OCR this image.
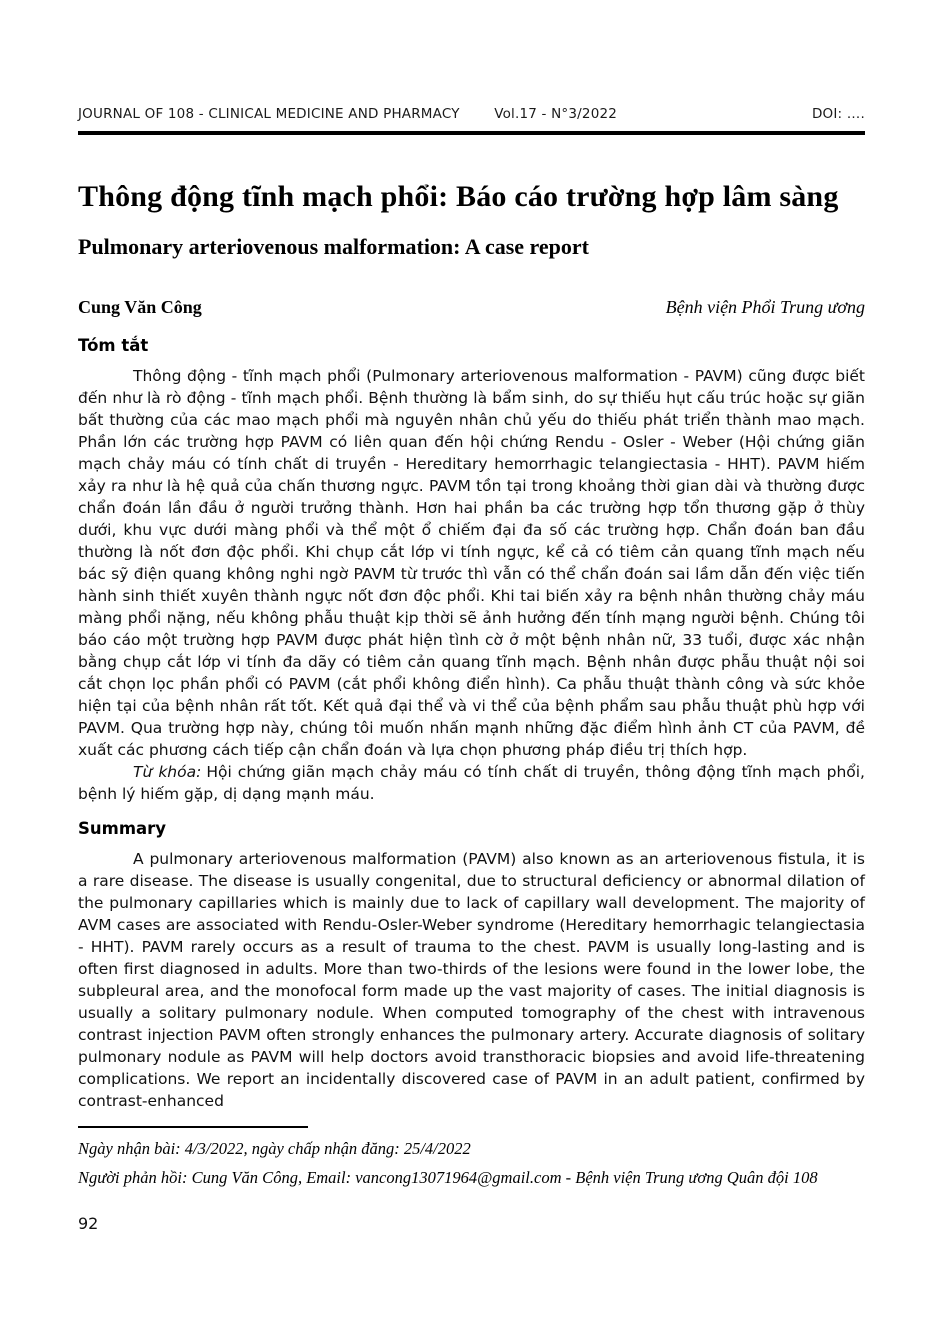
JOURNAL OF 108 - CLINICAL MEDICINE AND PHARMACY	Vol.17 - N°3/2022	DOI: ….
Thông động tĩnh mạch phổi: Báo cáo trường hợp lâm sàng
Pulmonary arteriovenous malformation: A case report
Cung Văn Công	Bệnh viện Phổi Trung ương
Tóm tắt

Thông động - tĩnh mạch phổi (Pulmonary arteriovenous malformation - PAVM) cũng được biết đến như là rò động - tĩnh mạch phổi. Bệnh thường là bẩm sinh, do sự thiếu hụt cấu trúc hoặc sự giãn bất thường của các mao mạch phổi mà nguyên nhân chủ yếu do thiếu phát triển thành mao mạch. Phần lớn các trường hợp PAVM có liên quan đến hội chứng Rendu - Osler - Weber (Hội chứng giãn mạch chảy máu có tính chất di truyền - Hereditary hemorrhagic telangiectasia - HHT). PAVM hiếm xảy ra như là hệ quả của chấn thương ngực. PAVM tồn tại trong khoảng thời gian dài và thường được chẩn đoán lần đầu ở người trưởng thành. Hơn hai phần ba các trường hợp tổn thương gặp ở thùy dưới, khu vực dưới màng phổi và thể một ổ chiếm đại đa số các trường hợp. Chẩn đoán ban đầu thường là nốt đơn độc phổi. Khi chụp cắt lớp vi tính ngực, kể cả có tiêm cản quang tĩnh mạch nếu bác sỹ điện quang không nghi ngờ PAVM từ trước thì vẫn có thể chẩn đoán sai lầm dẫn đến việc tiến hành sinh thiết xuyên thành ngực nốt đơn độc phổi. Khi tai biến xảy ra bệnh nhân thường chảy máu màng phổi nặng, nếu không phẫu thuật kịp thời sẽ ảnh hưởng đến tính mạng người bệnh. Chúng tôi báo cáo một trường hợp PAVM được phát hiện tình cờ ở một bệnh nhân nữ, 33 tuổi, được xác nhận bằng chụp cắt lớp vi tính đa dãy có tiêm cản quang tĩnh mạch. Bệnh nhân được phẫu thuật nội soi cắt chọn lọc phần phổi có PAVM (cắt phổi không điển hình). Ca phẫu thuật thành công và sức khỏe hiện tại của bệnh nhân rất tốt. Kết quả đại thể và vi thể của bệnh phẩm sau phẫu thuật phù hợp với PAVM. Qua trường hợp này, chúng tôi muốn nhấn mạnh những đặc điểm hình ảnh CT của PAVM, đề xuất các phương cách tiếp cận chẩn đoán và lựa chọn phương pháp điều trị thích hợp.

Từ khóa: Hội chứng giãn mạch chảy máu có tính chất di truyền, thông động tĩnh mạch phổi, bệnh lý hiếm gặp, dị dạng mạnh máu.

Summary

A pulmonary arteriovenous malformation (PAVM) also known as an arteriovenous fistula, it is a rare disease. The disease is usually congenital, due to structural deficiency or abnormal dilation of the pulmonary capillaries which is mainly due to lack of capillary wall development. The majority of AVM cases are associated with Rendu-Osler-Weber syndrome (Hereditary hemorrhagic telangiectasia - HHT). PAVM rarely occurs as a result of trauma to the chest. PAVM is usually long-lasting and is often first diagnosed in adults. More than two-thirds of the lesions were found in the lower lobe, the subpleural area, and the monofocal form made up the vast majority of cases. The initial diagnosis is usually a solitary pulmonary nodule. When computed tomography of the chest with intravenous contrast injection PAVM often strongly enhances the pulmonary artery. Accurate diagnosis of solitary pulmonary nodule as PAVM will help doctors avoid transthoracic biopsies and avoid life-threatening complications. We report an incidentally discovered case of PAVM in an adult patient, confirmed by contrast-enhanced

Ngày nhận bài: 4/3/2022, ngày chấp nhận đăng: 25/4/2022

Người phản hồi: Cung Văn Công, Email: vancong13071964@gmail.com - Bệnh viện Trung ương Quân đội 108

92
